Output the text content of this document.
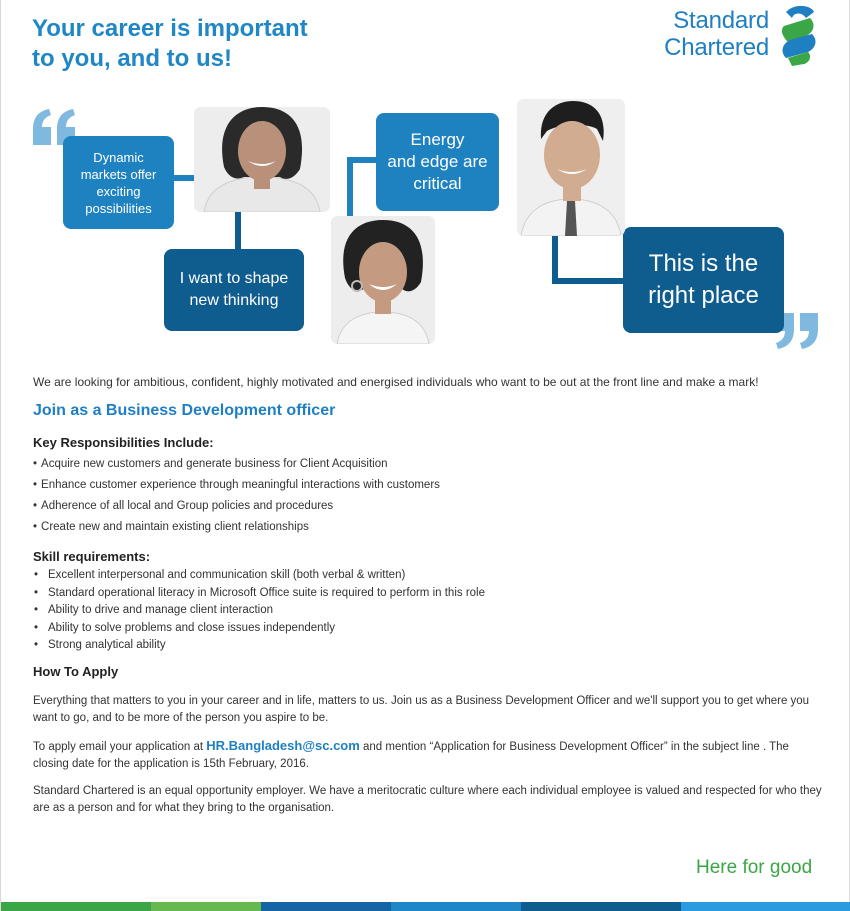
Your career is important
to you, and to us!
Standard
Chartered
Dynamic
markets offer
exciting
possibilities
I want to shape
new thinking
Energy
and edge are
critical
This is the
right place

We are looking for ambitious, confident, highly motivated and energised individuals who want to be out at the front line and make a mark!

Join as a Business Development officer
Key Responsibilities Include:
• Acquire new customers and generate business for Client Acquisition
• Enhance customer experience through meaningful interactions with customers
• Adherence of all local and Group policies and procedures
• Create new and maintain existing client relationships
Skill requirements:
• Excellent interpersonal and communication skill (both verbal & written)
• Standard operational literacy in Microsoft Office suite is required to perform in this role
• Ability to drive and manage client interaction
• Ability to solve problems and close issues independently
• Strong analytical ability
How To Apply

Everything that matters to you in your career and in life, matters to us. Join us as a Business Development Officer and we'll support you to get where you want to go, and to be more of the person you aspire to be.

To apply email your application at HR.Bangladesh@sc.com and mention “Application for Business Development Officer” in the subject line . The closing date for the application is 15th February, 2016.

Standard Chartered is an equal opportunity employer. We have a meritocratic culture where each individual employee is valued and respected for who they are as a person and for what they bring to the organisation.

Here for good
